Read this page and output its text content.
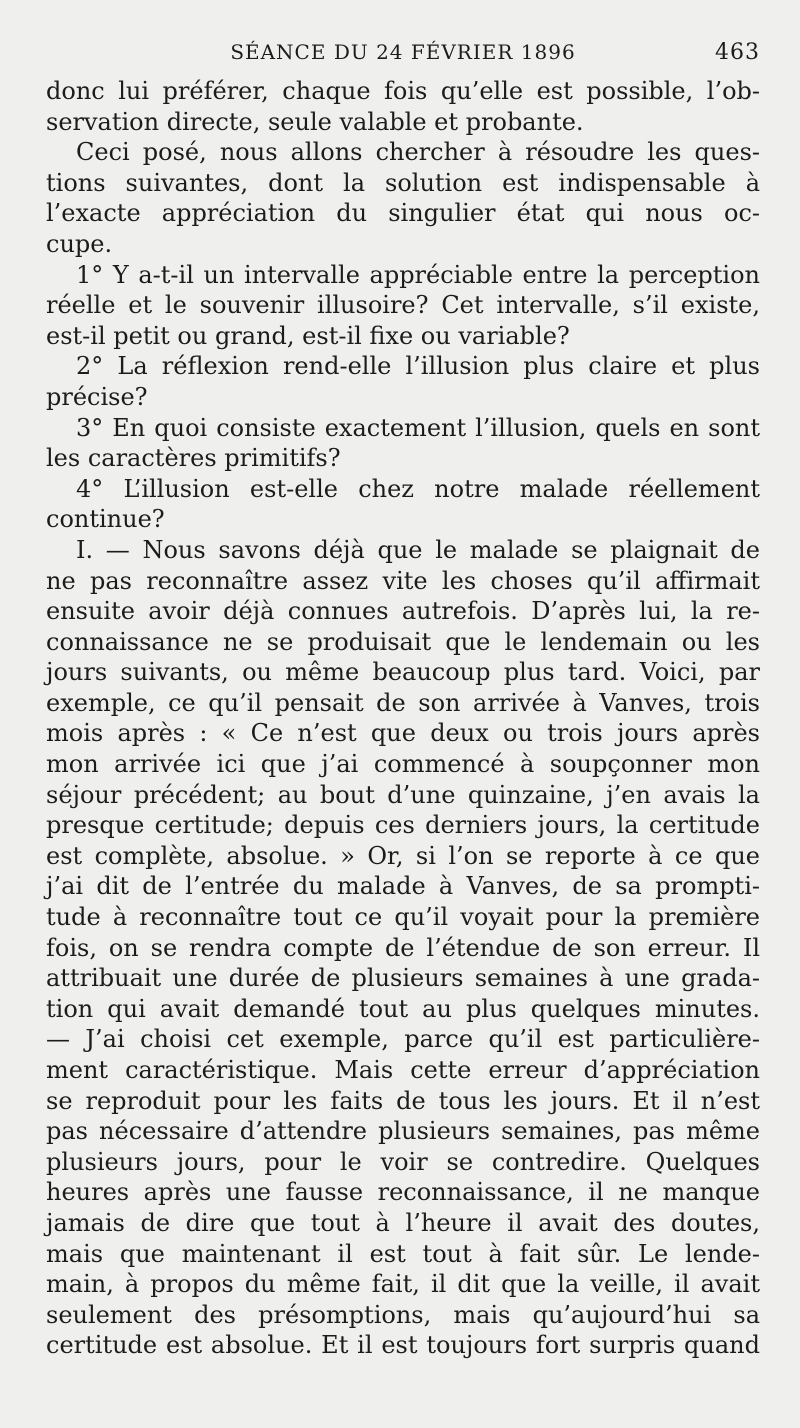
SÉANCE DU 24 FÉVRIER 1896	463
donc lui préférer, chaque fois qu’elle est possible, l’ob-
servation directe, seule valable et probante.
Ceci posé, nous allons chercher à résoudre les ques-
tions suivantes, dont la solution est indispensable à
l’exacte appréciation du singulier état qui nous oc-
cupe.
1° Y a-t-il un intervalle appréciable entre la perception
réelle et le souvenir illusoire? Cet intervalle, s’il existe,
est-il petit ou grand, est-il fixe ou variable?
2° La réflexion rend-elle l’illusion plus claire et plus
précise?
3° En quoi consiste exactement l’illusion, quels en sont
les caractères primitifs?
4° L’illusion est-elle chez notre malade réellement
continue?
I. — Nous savons déjà que le malade se plaignait de
ne pas reconnaître assez vite les choses qu’il affirmait
ensuite avoir déjà connues autrefois. D’après lui, la re-
connaissance ne se produisait que le lendemain ou les
jours suivants, ou même beaucoup plus tard. Voici, par
exemple, ce qu’il pensait de son arrivée à Vanves, trois
mois après : « Ce n’est que deux ou trois jours après
mon arrivée ici que j’ai commencé à soupçonner mon
séjour précédent; au bout d’une quinzaine, j’en avais la
presque certitude; depuis ces derniers jours, la certitude
est complète, absolue. » Or, si l’on se reporte à ce que
j’ai dit de l’entrée du malade à Vanves, de sa prompti-
tude à reconnaître tout ce qu’il voyait pour la première
fois, on se rendra compte de l’étendue de son erreur. Il
attribuait une durée de plusieurs semaines à une grada-
tion qui avait demandé tout au plus quelques minutes.
— J’ai choisi cet exemple, parce qu’il est particulière-
ment caractéristique. Mais cette erreur d’appréciation
se reproduit pour les faits de tous les jours. Et il n’est
pas nécessaire d’attendre plusieurs semaines, pas même
plusieurs jours, pour le voir se contredire. Quelques
heures après une fausse reconnaissance, il ne manque
jamais de dire que tout à l’heure il avait des doutes,
mais que maintenant il est tout à fait sûr. Le lende-
main, à propos du même fait, il dit que la veille, il avait
seulement des présomptions, mais qu’aujourd’hui sa
certitude est absolue. Et il est toujours fort surpris quand
